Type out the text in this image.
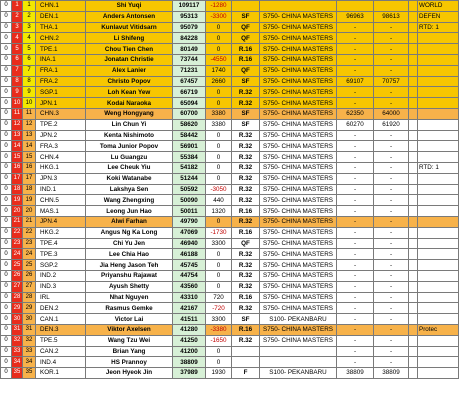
0	1	1	CHN.1	Shi Yuqi	109117	-1280						WORLD
0	2	2	DEN.1	Anders Antonsen	95313	-3300	SF	S750- CHINA MASTERS	96963	98613		DEFEN
0	3	3	THA.1	Kunlavut Vitidsarn	95079	0	QF	S750- CHINA MASTERS	-	-		RTD: 1
0	4	4	CHN.2	Li Shifeng	84228	0	QF	S750- CHINA MASTERS	-	-		
0	5	5	TPE.1	Chou Tien Chen	80149	0	R.16	S750- CHINA MASTERS	-	-		
0	6	6	INA.1	Jonatan Christie	73744	-4550	R.16	S750- CHINA MASTERS	-	-		
0	7	7	FRA.1	Alex Lanier	71231	1740	QF	S750- CHINA MASTERS	-	-		
0	8	8	FRA.2	Christo Popov	67457	2660	SF	S750- CHINA MASTERS	69107	70757		
0	9	9	SGP.1	Loh Kean Yew	66719	0	R.32	S750- CHINA MASTERS	-	-		
0	10	10	JPN.1	Kodai Naraoka	65094	0	R.32	S750- CHINA MASTERS	-	-		
0	11	11	CHN.3	Weng Hongyang	60700	3380	SF	S750- CHINA MASTERS	62350	64000		
0	12	12	TPE.2	Lin Chun Yi	58620	3380	SF	S750- CHINA MASTERS	60270	61920		
0	13	13	JPN.2	Kenta Nishimoto	58442	0	R.32	S750- CHINA MASTERS	-	-		
0	14	14	FRA.3	Toma Junior Popov	56901	0	R.32	S750- CHINA MASTERS	-	-		
0	15	15	CHN.4	Lu Guangzu	55384	0	R.32	S750- CHINA MASTERS	-	-		
0	16	16	HKG.1	Lee Cheuk Yiu	54182	0	R.32	S750- CHINA MASTERS	-	-		RTD: 1
0	17	17	JPN.3	Koki Watanabe	51244	0	R.32	S750- CHINA MASTERS	-	-		
0	18	18	IND.1	Lakshya Sen	50592	-3050	R.32	S750- CHINA MASTERS	-	-		
0	19	19	CHN.5	Wang Zhengxing	50090	440	R.32	S750- CHINA MASTERS	-	-		
0	20	20	MAS.1	Leong Jun Hao	50011	1320	R.16	S750- CHINA MASTERS	-	-		
0	21	21	JPN.4	Alwi Farhan	49790	0	R.32	S750- CHINA MASTERS	-	-		
0	22	22	HKG.2	Angus Ng Ka Long	47069	-1730	R.16	S750- CHINA MASTERS	-	-		
0	23	23	TPE.4	Chi Yu Jen	46940	3300	QF	S750- CHINA MASTERS	-	-		
0	24	24	TPE.3	Lee Chia Hao	46188	0	R.32	S750- CHINA MASTERS	-	-		
0	25	25	SGP.2	Jia Heng Jason Teh	45745	0	R.32	S750- CHINA MASTERS	-	-		
0	26	26	IND.2	Priyanshu Rajawat	44754	0	R.32	S750- CHINA MASTERS	-	-		
0	27	27	IND.3	Ayush Shetty	43560	0	R.32	S750- CHINA MASTERS	-	-		
0	28	28	IRL	Nhat Nguyen	43310	720	R.16	S750- CHINA MASTERS	-	-		
0	29	29	DEN.2	Rasmus Gemke	42167	-720	R.32	S750- CHINA MASTERS	-	-		
0	30	30	CAN.1	Victor Lai	41511	3300	SF	S100- PEKANBARU	-	-		
0	31	31	DEN.3	Viktor Axelsen	41280	-3380	R.16	S750- CHINA MASTERS	-	-		Protec
0	32	32	TPE.5	Wang Tzu Wei	41250	-1650	R.32	S750- CHINA MASTERS	-	-		
0	33	33	CAN.2	Brian Yang	41200	0			-	-		
0	34	34	IND.4	HS Prannoy	38809	0			-	-		
0	35	35	KOR.1	Jeon Hyeok Jin	37989	1930	F	S100- PEKANBARU	38809	38809		
